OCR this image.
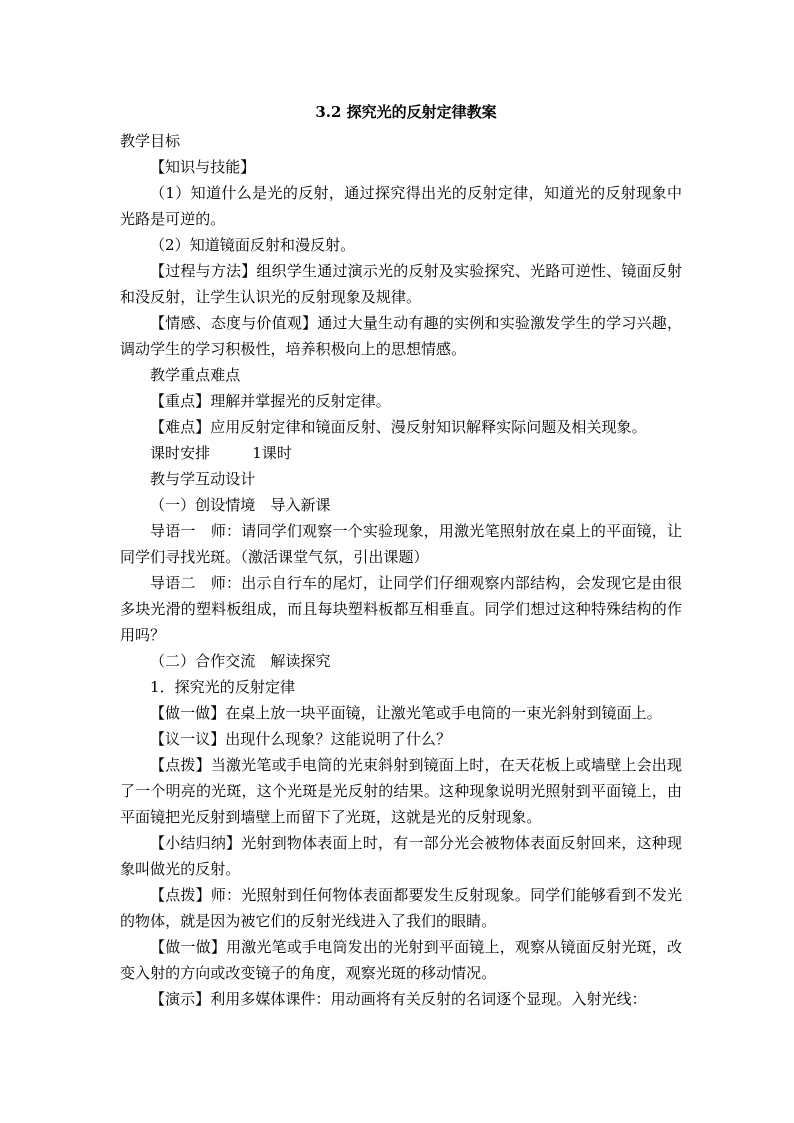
3.2 探究光的反射定律教案

教学目标

【知识与技能】

（1）知道什么是光的反射，通过探究得出光的反射定律，知道光的反射现象中光路是可逆的。

（2）知道镜面反射和漫反射。

【过程与方法】组织学生通过演示光的反射及实验探究、光路可逆性、镜面反射和没反射，让学生认识光的反射现象及规律。

【情感、态度与价值观】通过大量生动有趣的实例和实验激发学生的学习兴趣，调动学生的学习积极性，培养积极向上的思想情感。

教学重点难点

【重点】理解并掌握光的反射定律。

【难点】应用反射定律和镜面反射、漫反射知识解释实际问题及相关现象。

课时安排	1课时

教与学互动设计

（一）创设情境　导入新课

导语一　师：请同学们观察一个实验现象，用激光笔照射放在桌上的平面镜，让同学们寻找光斑。（激活课堂气氛，引出课题）

导语二　师：出示自行车的尾灯，让同学们仔细观察内部结构，会发现它是由很多块光滑的塑料板组成，而且每块塑料板都互相垂直。同学们想过这种特殊结构的作用吗？

（二）合作交流　解读探究

1．探究光的反射定律

【做一做】在桌上放一块平面镜，让激光笔或手电筒的一束光斜射到镜面上。

【议一议】出现什么现象？这能说明了什么？

【点拨】当激光笔或手电筒的光束斜射到镜面上时，在天花板上或墙壁上会出现了一个明亮的光斑，这个光斑是光反射的结果。这种现象说明光照射到平面镜上，由平面镜把光反射到墙壁上而留下了光斑，这就是光的反射现象。

【小结归纳】光射到物体表面上时，有一部分光会被物体表面反射回来，这种现象叫做光的反射。

【点拨】师：光照射到任何物体表面都要发生反射现象。同学们能够看到不发光的物体，就是因为被它们的反射光线进入了我们的眼睛。

【做一做】用激光笔或手电筒发出的光射到平面镜上，观察从镜面反射光斑，改变入射的方向或改变镜子的角度，观察光斑的移动情况。

【演示】利用多媒体课件：用动画将有关反射的名词逐个显现。入射光线：
